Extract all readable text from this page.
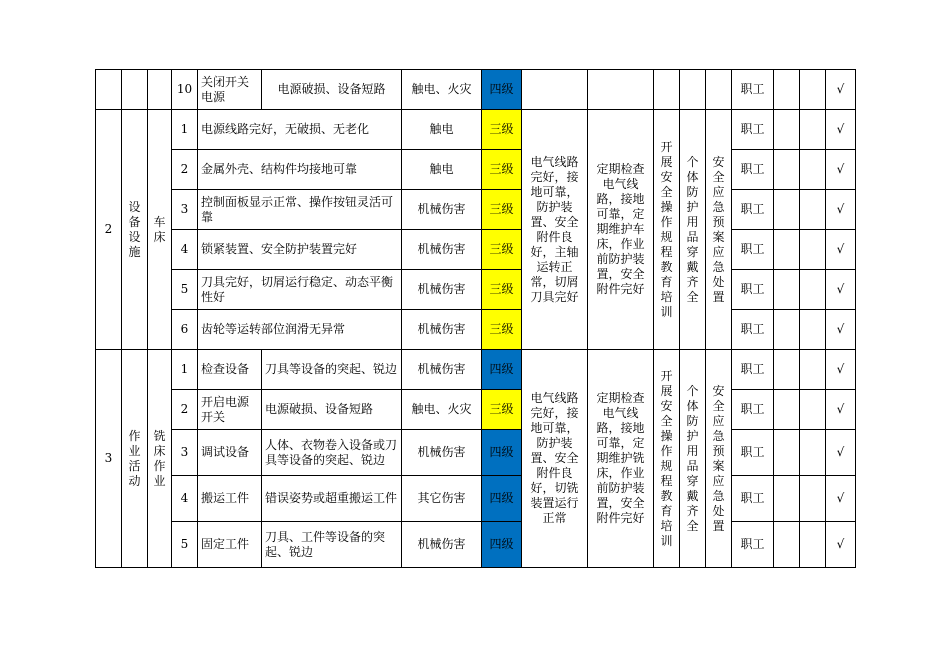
			10	关闭开关电源	电源破损、设备短路	触电、火灾	四级						职工			√
2	设备设施	车床	1	电源线路完好，无破损、无老化		触电	三级	电气线路完好，接地可靠，防护装置、安全附件良好，主轴运转正常，切屑刀具完好	定期检查电气线路，接地可靠，定期维护车床，作业前防护装置，安全附件完好	开展安全操作规程教育培训	个体防护用品穿戴齐全	安全应急预案应急处置	职工			√
			2	金属外壳、结构件均接地可靠		触电	三级						职工			√
			3	控制面板显示正常、操作按钮灵活可靠		机械伤害	三级						职工			√
			4	锁紧装置、安全防护装置完好		机械伤害	三级						职工			√
			5	刀具完好，切屑运行稳定、动态平衡性好		机械伤害	三级						职工			√
			6	齿轮等运转部位润滑无异常		机械伤害	三级						职工			√
3	作业活动	铣床作业	1	检查设备	刀具等设备的突起、锐边	机械伤害	四级	电气线路完好，接地可靠，防护装置、安全附件良好，切铣装置运行正常	定期检查电气线路，接地可靠，定期维护铣床，作业前防护装置，安全附件完好	开展安全操作规程教育培训	个体防护用品穿戴齐全	安全应急预案应急处置	职工			√
			2	开启电源开关	电源破损、设备短路	触电、火灾	三级						职工			√
			3	调试设备	人体、衣物卷入设备或刀具等设备的突起、锐边	机械伤害	四级						职工			√
			4	搬运工件	错误姿势或超重搬运工件	其它伤害	四级						职工			√
			5	固定工件	刀具、工件等设备的突起、锐边	机械伤害	四级						职工			√
